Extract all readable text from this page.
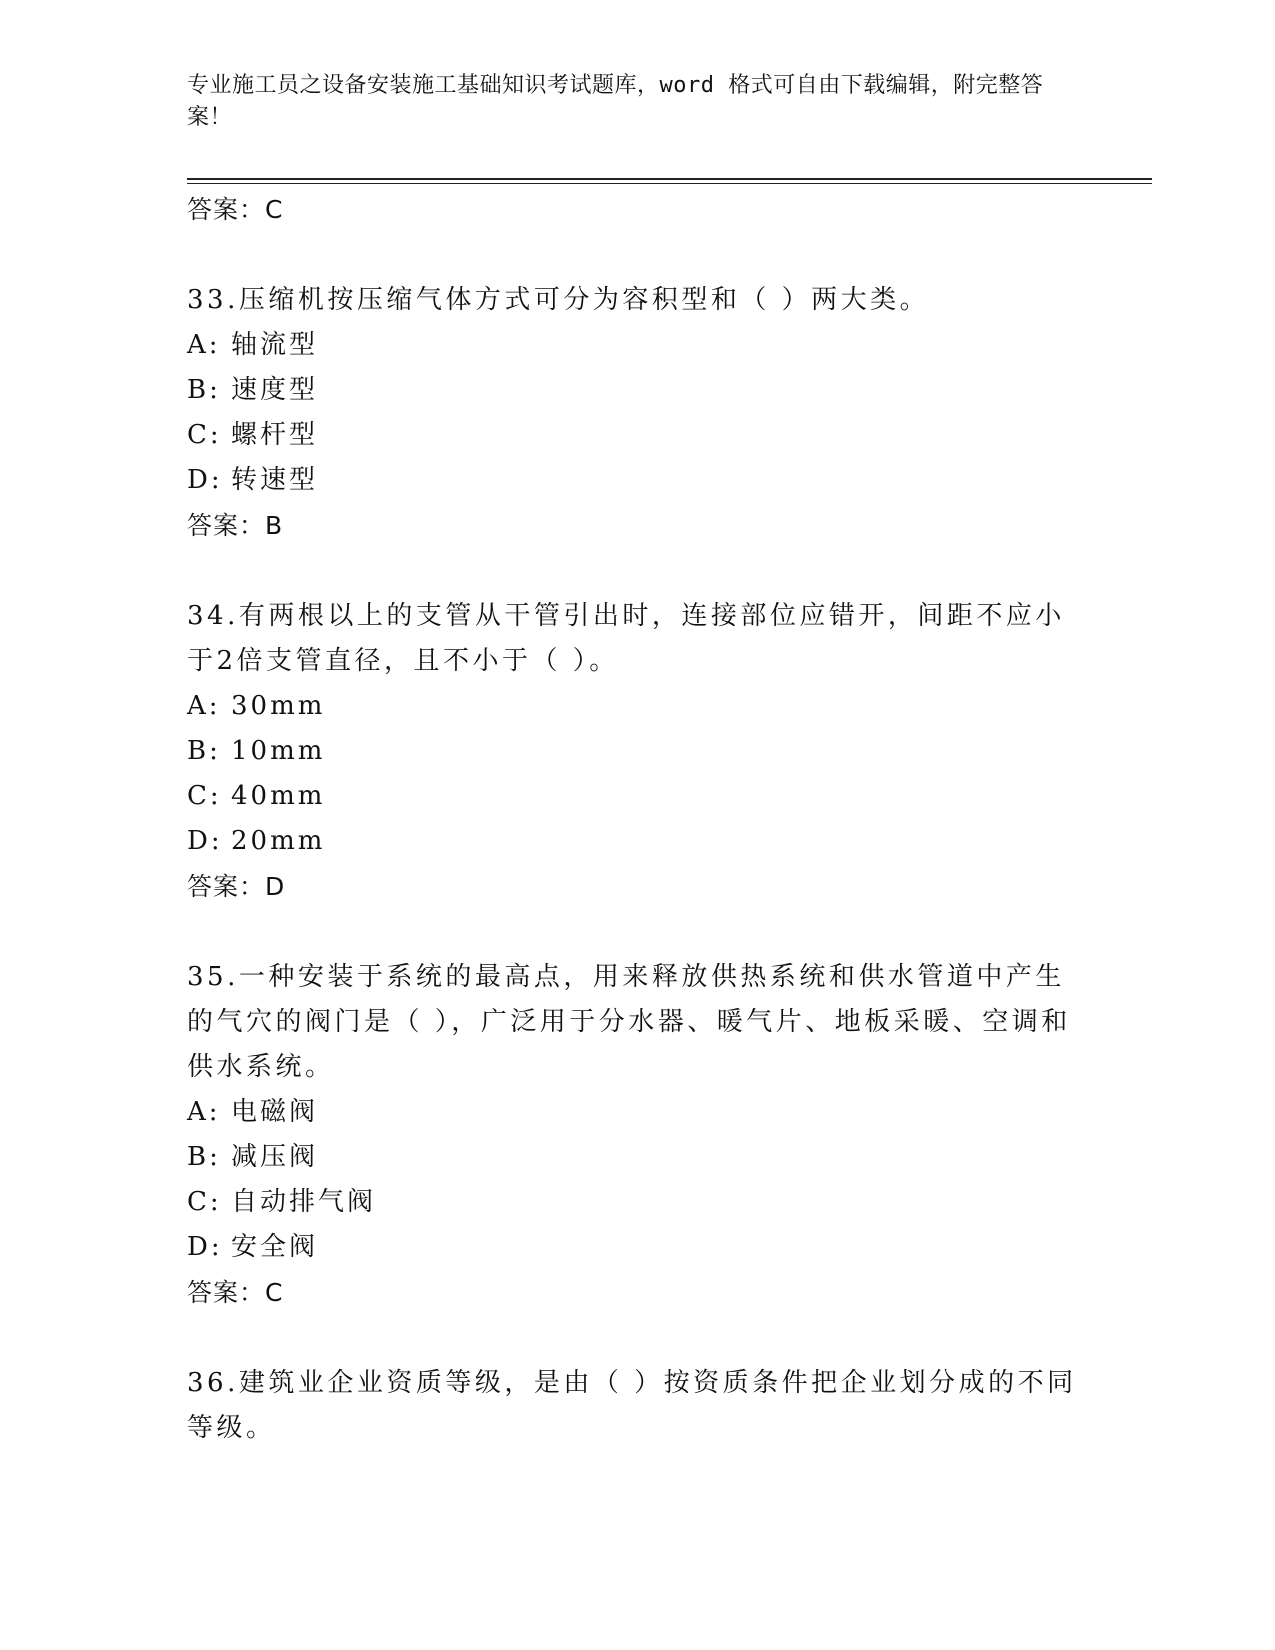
专业施工员之设备安装施工基础知识考试题库，word 格式可自由下载编辑，附完整答案！
答案：C

33.压缩机按压缩气体方式可分为容积型和（ ）两大类。

A: 轴流型
B: 速度型
C: 螺杆型
D: 转速型
答案：B

34.有两根以上的支管从干管引出时，连接部位应错开，间距不应小于2倍支管直径，且不小于（ ）。

A: 30mm
B: 10mm
C: 40mm
D: 20mm
答案：D

35.一种安装于系统的最高点，用来释放供热系统和供水管道中产生的气穴的阀门是（ ），广泛用于分水器、暖气片、地板采暖、空调和供水系统。

A: 电磁阀
B: 减压阀
C: 自动排气阀
D: 安全阀
答案：C

36.建筑业企业资质等级，是由（ ）按资质条件把企业划分成的不同等级。
